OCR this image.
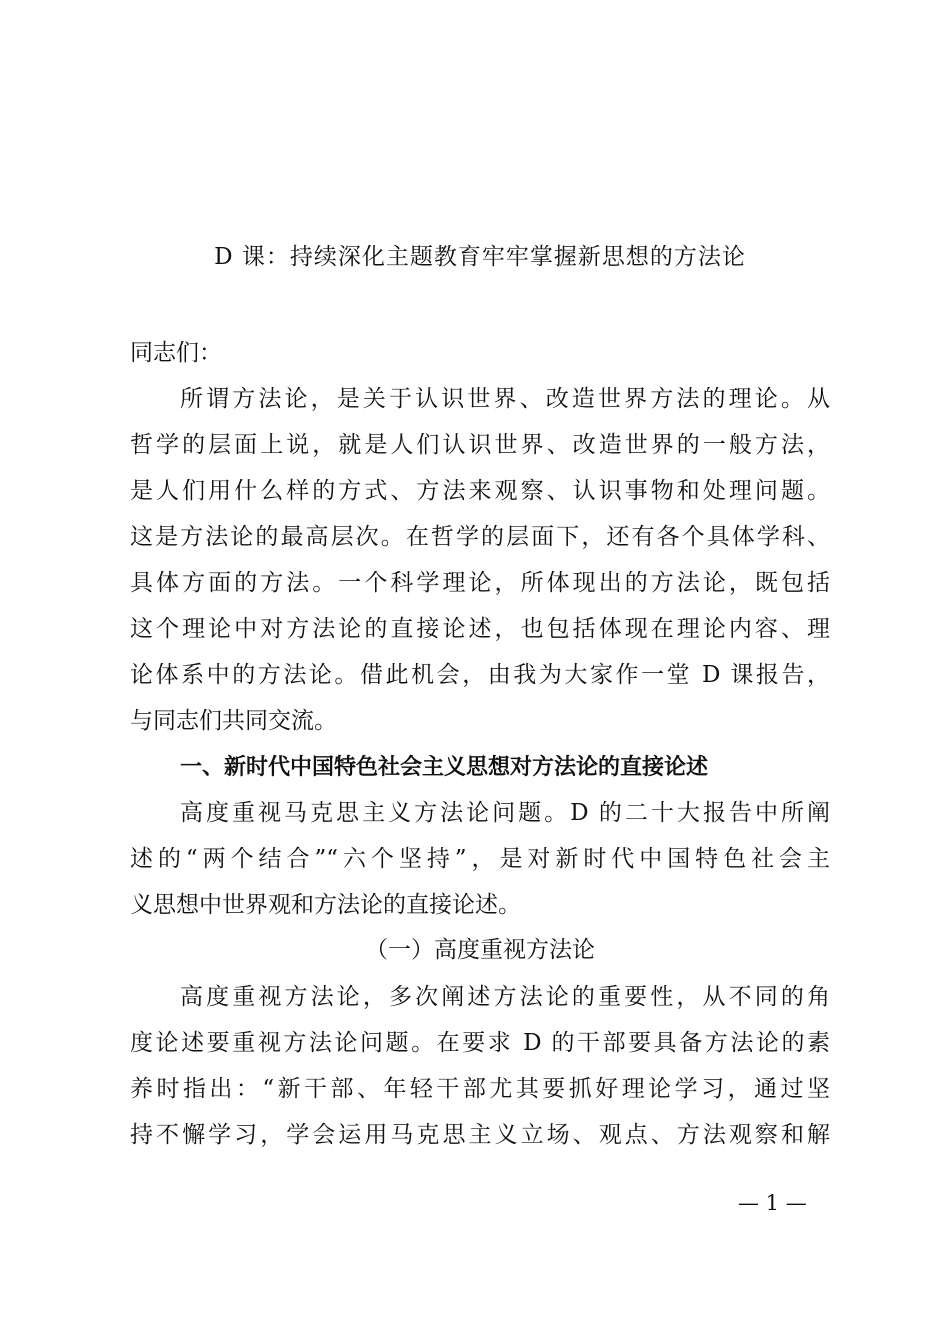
D 课：持续深化主题教育牢牢掌握新思想的方法论
同志们：
所谓方法论，是关于认识世界、改造世界方法的理论。从
哲学的层面上说，就是人们认识世界、改造世界的一般方法，
是人们用什么样的方式、方法来观察、认识事物和处理问题。
这是方法论的最高层次。在哲学的层面下，还有各个具体学科、
具体方面的方法。一个科学理论，所体现出的方法论，既包括
这个理论中对方法论的直接论述，也包括体现在理论内容、理
论体系中的方法论。借此机会，由我为大家作一堂 D 课报告，
与同志们共同交流。
一、新时代中国特色社会主义思想对方法论的直接论述
高度重视马克思主义方法论问题。D 的二十大报告中所阐
述的“两个结合”“六个坚持”，是对新时代中国特色社会主
义思想中世界观和方法论的直接论述。
（一）高度重视方法论
高度重视方法论，多次阐述方法论的重要性，从不同的角
度论述要重视方法论问题。在要求 D 的干部要具备方法论的素
养时指出：“新干部、年轻干部尤其要抓好理论学习，通过坚
持不懈学习，学会运用马克思主义立场、观点、方法观察和解
— 1 —
